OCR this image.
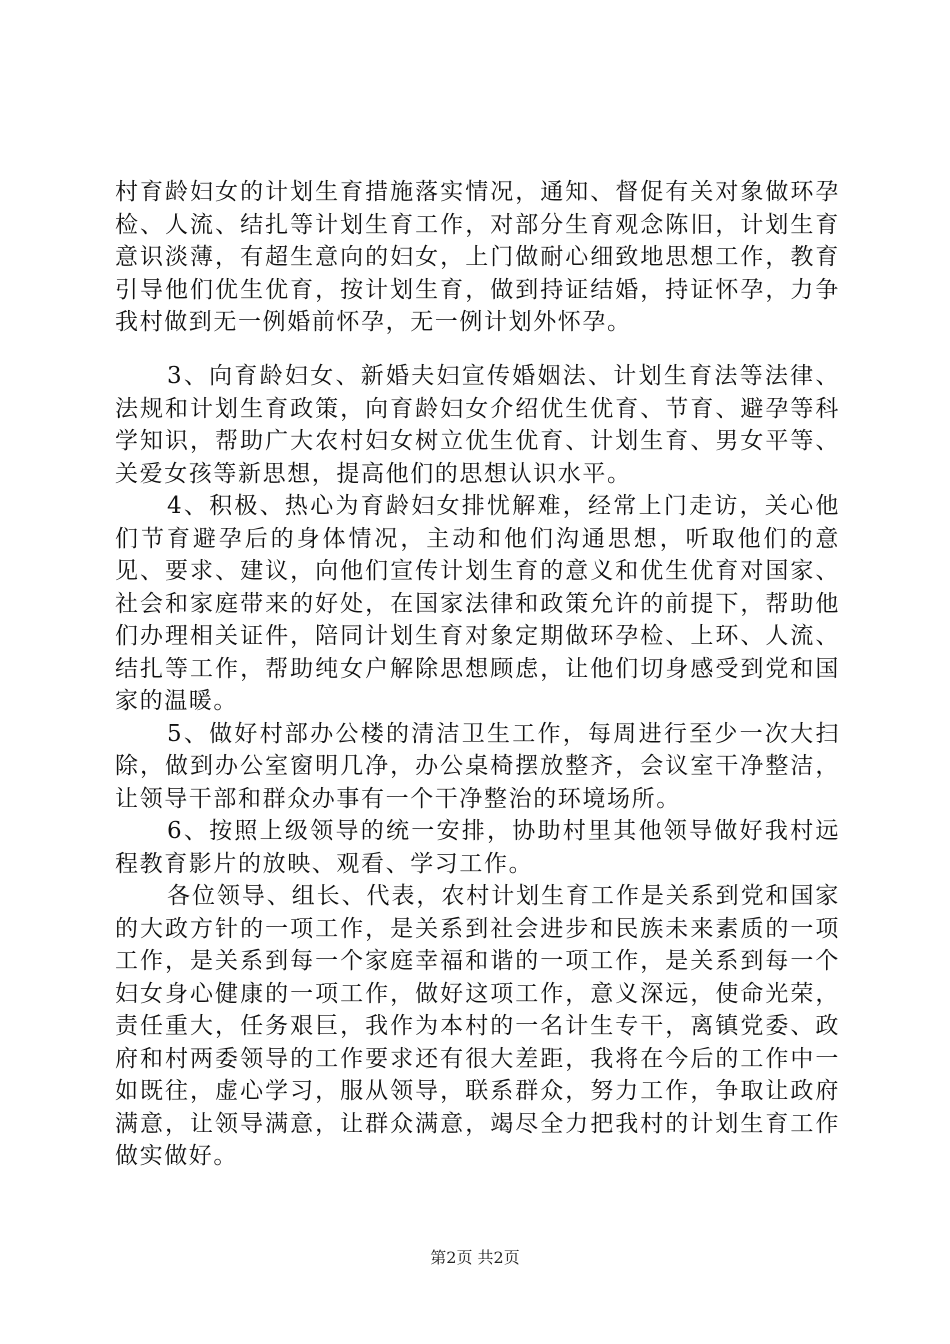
村育龄妇女的计划生育措施落实情况，通知、督促有关对象做环孕检、人流、结扎等计划生育工作，对部分生育观念陈旧，计划生育意识淡薄，有超生意向的妇女，上门做耐心细致地思想工作，教育引导他们优生优育，按计划生育，做到持证结婚，持证怀孕，力争我村做到无一例婚前怀孕，无一例计划外怀孕。

3、向育龄妇女、新婚夫妇宣传婚姻法、计划生育法等法律、法规和计划生育政策，向育龄妇女介绍优生优育、节育、避孕等科学知识，帮助广大农村妇女树立优生优育、计划生育、男女平等、关爱女孩等新思想，提高他们的思想认识水平。

4、积极、热心为育龄妇女排忧解难，经常上门走访，关心他们节育避孕后的身体情况，主动和他们沟通思想，听取他们的意见、要求、建议，向他们宣传计划生育的意义和优生优育对国家、社会和家庭带来的好处，在国家法律和政策允许的前提下，帮助他们办理相关证件，陪同计划生育对象定期做环孕检、上环、人流、结扎等工作，帮助纯女户解除思想顾虑，让他们切身感受到党和国家的温暖。

5、做好村部办公楼的清洁卫生工作，每周进行至少一次大扫除，做到办公室窗明几净，办公桌椅摆放整齐，会议室干净整洁，让领导干部和群众办事有一个干净整治的环境场所。

6、按照上级领导的统一安排，协助村里其他领导做好我村远程教育影片的放映、观看、学习工作。

各位领导、组长、代表，农村计划生育工作是关系到党和国家的大政方针的一项工作，是关系到社会进步和民族未来素质的一项工作，是关系到每一个家庭幸福和谐的一项工作，是关系到每一个妇女身心健康的一项工作，做好这项工作，意义深远，使命光荣，责任重大，任务艰巨，我作为本村的一名计生专干，离镇党委、政府和村两委领导的工作要求还有很大差距，我将在今后的工作中一如既往，虚心学习，服从领导，联系群众，努力工作，争取让政府满意，让领导满意，让群众满意，竭尽全力把我村的计划生育工作做实做好。

第2页 共2页
